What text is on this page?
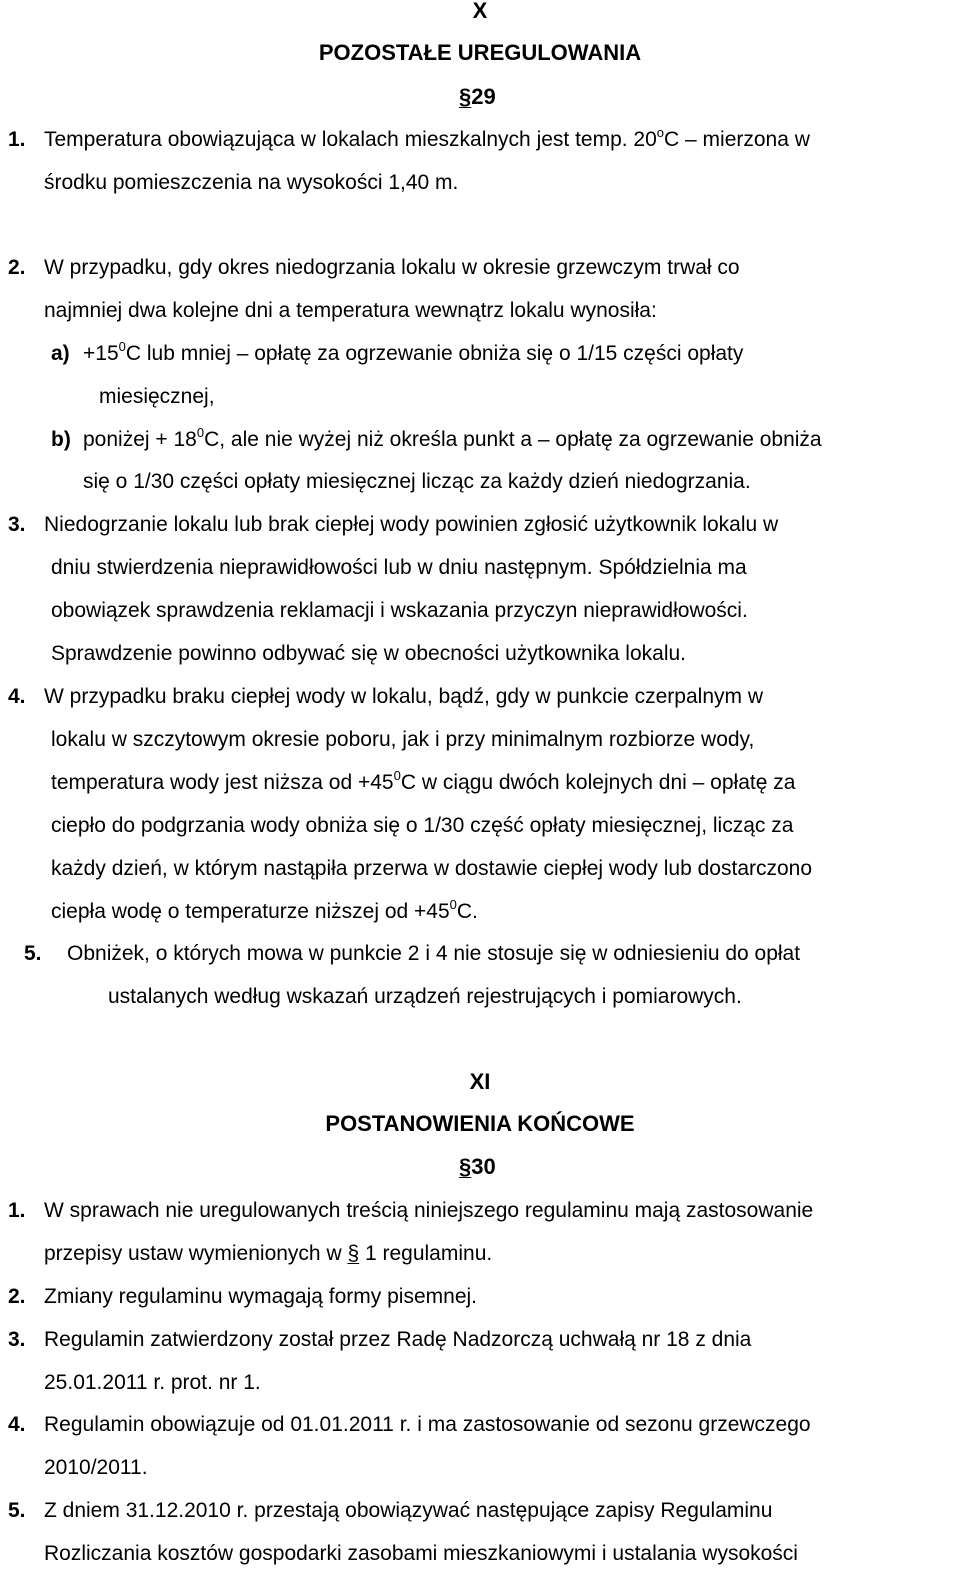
X
POZOSTAŁE UREGULOWANIA
§29
1. Temperatura obowiązująca w lokalach mieszkalnych jest temp. 20$^o$C – mierzona w
środku pomieszczenia na wysokości 1,40 m.
2. W przypadku, gdy okres niedogrzania lokalu w okresie grzewczym trwał co
najmniej dwa kolejne dni a temperatura wewnątrz lokalu wynosiła:
$a) +15^0C$ lub mniej – opłatę za ogrzewanie obniża się o 1/15 części opłaty
miesięcznej,
b) poniżej + $18^0C$, ale nie wyżej niż określa punkt a – opłatę za ogrzewanie obniża
się o 1/30 części opłaty miesięcznej licząc za każdy dzień niedogrzania.
3. Niedogrzanie lokalu lub brak ciepłej wody powinien zgłosić użytkownik lokalu w
dniu stwierdzenia nieprawidłowości lub w dniu następnym. Spółdzielnia ma
obowiązek sprawdzenia reklamacji i wskazania przyczyn nieprawidłowości.
Sprawdzenie powinno odbywać się w obecności użytkownika lokalu.
4. W przypadku braku ciepłej wody w lokalu, bądź, gdy w punkcie czerpalnym w
lokalu w szczytowym okresie poboru, jak i przy minimalnym rozbiorze wody,
temperatura wody jest niższa od $+45^0C$ w ciągu dwóch kolejnych dni – opłatę za
ciepło do podgrzania wody obniża się o 1/30 część opłaty miesięcznej, licząc za
każdy dzień, w którym nastąpiła przerwa w dostawie ciepłej wody lub dostarczono
ciepła wodę o temperaturze niższej od $+45^0C$.
5. Obniżek, o których mowa w punkcie 2 i 4 nie stosuje się w odniesieniu do opłat
ustalanych według wskazań urządzeń rejestrujących i pomiarowych.
XI
POSTANOWIENIA KOŃCOWE
§30
1. W sprawach nie uregulowanych treścią niniejszego regulaminu mają zastosowanie
przepisy ustaw wymienionych w § 1 regulaminu.
2. Zmiany regulaminu wymagają formy pisemnej.
3. Regulamin zatwierdzony został przez Radę Nadzorczą uchwałą nr 18 z dnia
25.01.2011 r. prot. nr 1.
4. Regulamin obowiązuje od 01.01.2011 r. i ma zastosowanie od sezonu grzewczego
2010/2011.
5. Z dniem 31.12.2010 r. przestają obowiązywać następujące zapisy Regulaminu
Rozliczania kosztów gospodarki zasobami mieszkaniowymi i ustalania wysokości
